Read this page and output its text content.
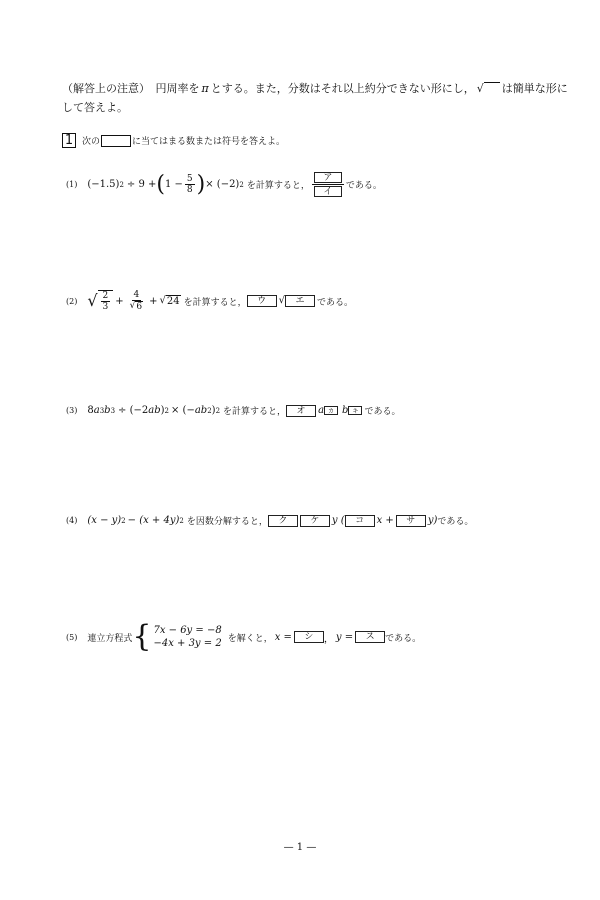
（解答上の注意）　円周率を π とする。また，分数はそれ以上約分できない形にし， √ は簡単な形に
して答えよ。
1 次の	に当てはまる数または符号を答えよ。
(1) (−1.5) 2 ÷ 9 + ( $1 - \frac{5}{8}$ ) × (−2) 2 を計算すると，
ア
イ
である。
(2) √ $\frac{2}{3} + \frac{4}{√ 6}$ + √ 24 を計算すると，	ウ	√	エ	である。
(3) 8 a 3 b 3 ÷ (−2 ab ) 2 × (− ab 2 ) 2 を計算すると，	オ	a カ b キ である。
(4) (x − y) 2 − (x + 4y) 2 を因数分解すると，	ク	ケ	y (	コ	x +	サ	y) である。
(5) 連立方程式 { 7x − 6y = −8
−4x + 3y = 2 を解くと， x =	シ	， y =	ス	である。
— 1 —
